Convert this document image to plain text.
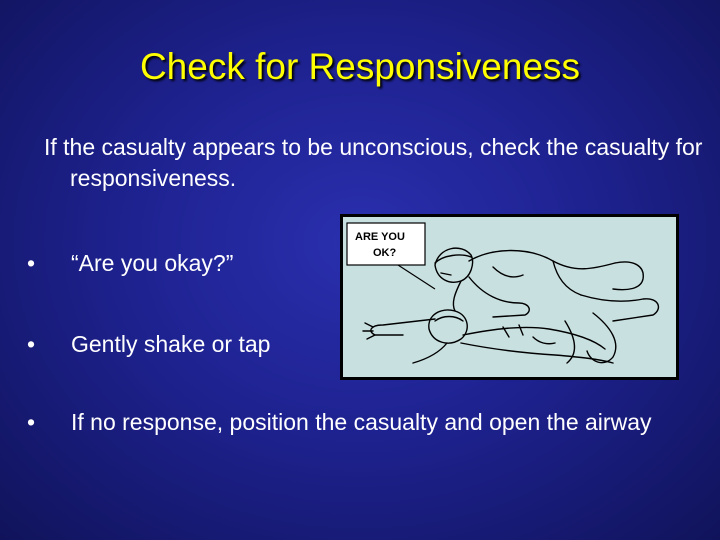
Check for Responsiveness
If the casualty appears to be unconscious, check the casualty for responsiveness.
• “Are you okay?”
• Gently shake or tap
• If no response, position the casualty and open the airway
ARE YOU
OK?
